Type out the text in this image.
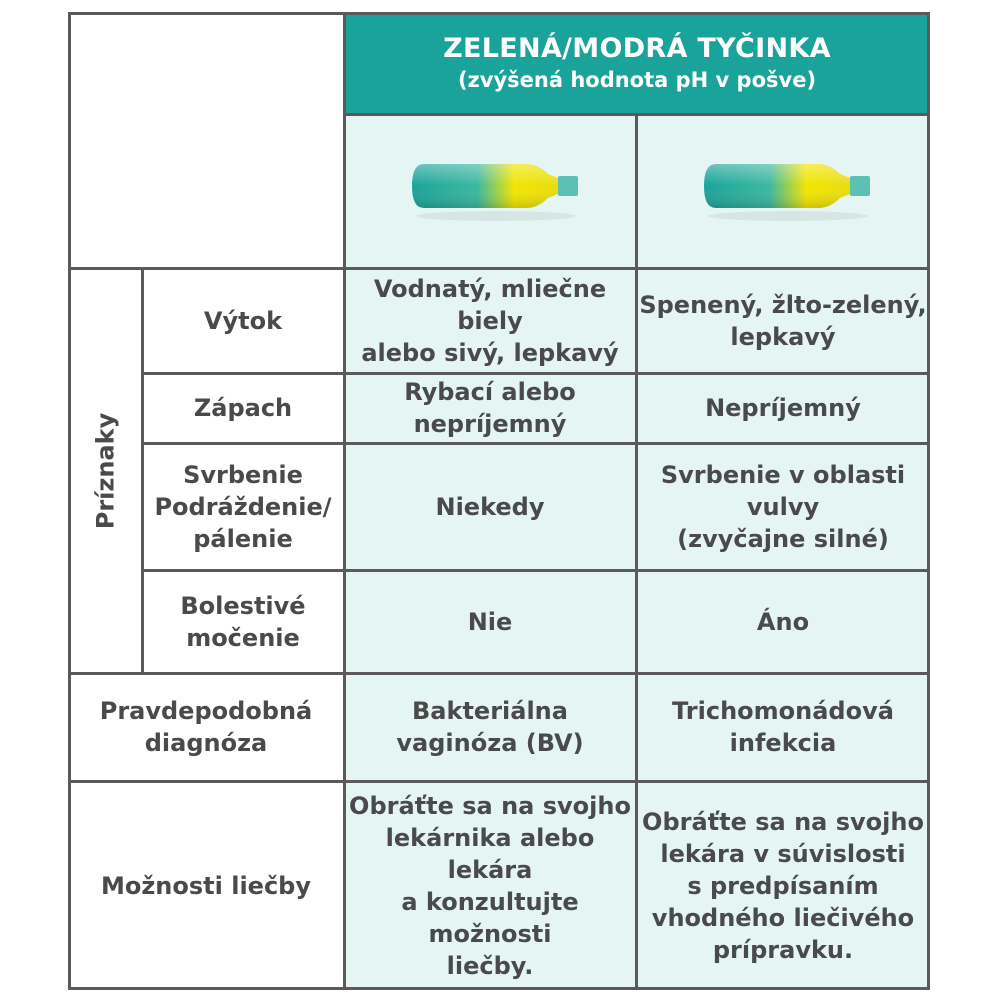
ZELENÁ/MODRÁ TYČINKA
(zvýšená hodnota pH v pošve)
Príznaky
Výtok
Vodnatý, mliečne biely
alebo sivý, lepkavý
Spenený, žlto-zelený,
lepkavý
Zápach
Rybací alebo
nepríjemný
Nepríjemný
Svrbenie
Podráždenie/
pálenie
Niekedy
Svrbenie v oblasti vulvy
(zvyčajne silné)
Bolestivé
močenie
Nie	Áno
Pravdepodobná
diagnóza
Bakteriálna
vaginóza (BV)
Trichomonádová
infekcia
Možnosti liečby
Obráťte sa na svojho
lekárnika alebo lekára
a konzultujte možnosti
liečby.
Obráťte sa na svojho
lekára v súvislosti
s predpísaním
vhodného liečivého
prípravku.
